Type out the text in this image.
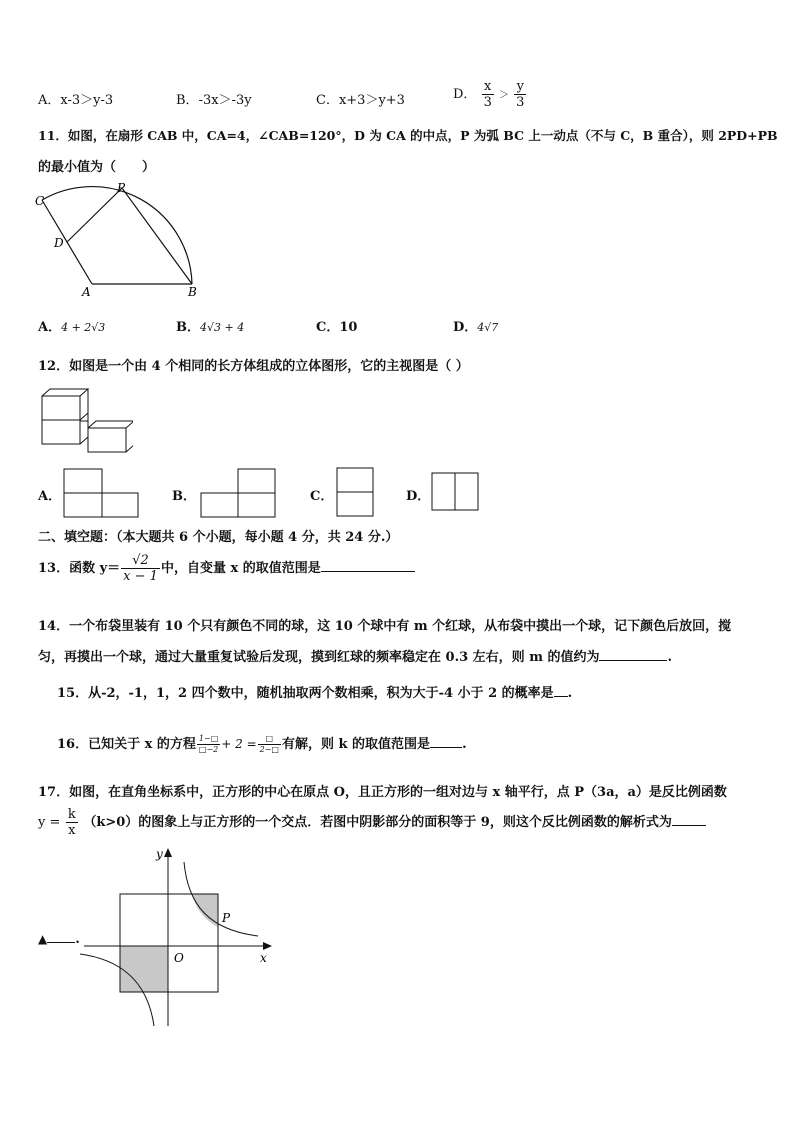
A．x-3＞y-3	B．-3x＞-3y	C．x+3＞y+3	D． $\frac{x}{3} > \frac{y}{3}$
11．如图，在扇形 CAB 中，CA=4，∠CAB=120°，D 为 CA 的中点，P 为弧 BC 上一动点（不与 C，B 重合），则 2PD+PB
的最小值为（　　）
C
P
D
A	B
A．4 + 2√3	B．4√3 + 4	C．10	D．4√7
12．如图是一个由 4 个相同的长方体组成的立体图形，它的主视图是（ ）
A．	B．	C．	D．
二、填空题：（本大题共 6 个小题，每小题 4 分，共 24 分.）
13．函数 $y= \frac{√2}{x - 1}$ 中，自变量 x 的取值范围是
14．一个布袋里装有 10 个只有颜色不同的球，这 10 个球中有 m 个红球，从布袋中摸出一个球，记下颜色后放回，搅
匀，再摸出一个球，通过大量重复试验后发现，摸到红球的频率稳定在 0.3 左右，则 m 的值约为	.
15．从-2，-1，1，2 四个数中，随机抽取两个数相乘，积为大于-4 小于 2 的概率是 .
16．已知关于 x 的方程 $\frac{1-□}{□-2} + 2 = \frac{□}{2-□}$ 有解，则 k 的取值范围是 .
17．如图，在直角坐标系中，正方形的中心在原点 O，且正方形的一组对边与 x 轴平行，点 P（3a，a）是反比例函数
$y = \frac{k}{x} (k>0)$的图象上与正方形的一个交点．若图中阴影部分的面积等于 9，则这个反比例函数的解析式为
▲ .
y
x
O
P
